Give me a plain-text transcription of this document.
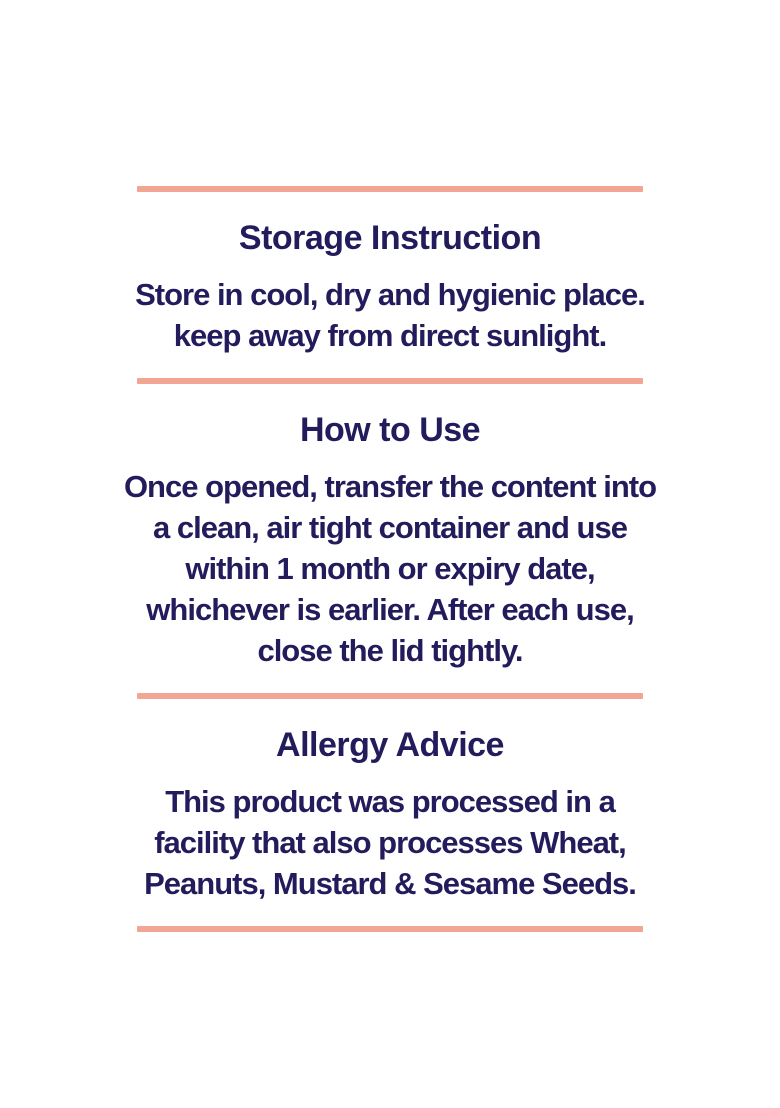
Storage Instruction
Store in cool, dry and hygienic place.
keep away from direct sunlight.
How to Use
Once opened, transfer the content into
a clean, air tight container and use
within 1 month or expiry date,
whichever is earlier. After each use,
close the lid tightly.
Allergy Advice
This product was processed in a
facility that also processes Wheat,
Peanuts, Mustard & Sesame Seeds.
